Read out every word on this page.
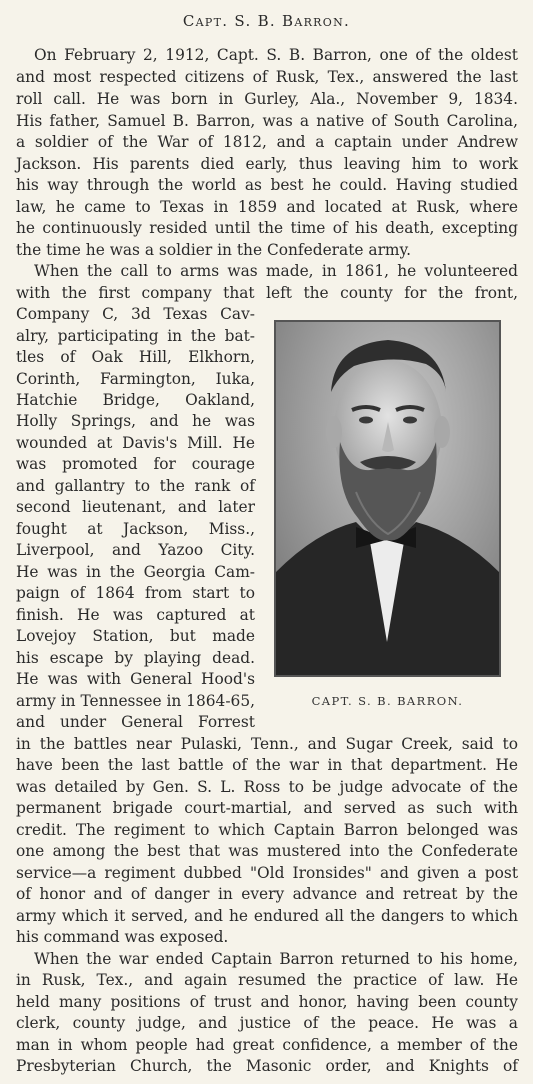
Capt. S. B. Barron.
On February 2, 1912, Capt. S. B. Barron, one of the oldest
and most respected citizens of Rusk, Tex., answered the last
roll call. He was born in Gurley, Ala., November 9, 1834.
His father, Samuel B. Barron, was a native of South Carolina,
a soldier of the War of 1812, and a captain under Andrew
Jackson. His parents died early, thus leaving him to work
his way through the world as best he could. Having studied
law, he came to Texas in 1859 and located at Rusk, where
he continuously resided until the time of his death, excepting
the time he was a soldier in the Confederate army.
When the call to arms was made, in 1861, he volunteered
with the first company that left the county for the front,
Company C, 3d Texas Cav-
alry, participating in the bat-
tles of Oak Hill, Elkhorn,
Corinth, Farmington, Iuka,
Hatchie Bridge, Oakland,
Holly Springs, and he was
wounded at Davis's Mill. He
was promoted for courage
and gallantry to the rank of
second lieutenant, and later
fought at Jackson, Miss.,
Liverpool, and Yazoo City.
He was in the Georgia Cam-
paign of 1864 from start to
finish. He was captured at
Lovejoy Station, but made
his escape by playing dead.
He was with General Hood's
army in Tennessee in 1864-65,
and under General Forrest
in the battles near Pulaski, Tenn., and Sugar Creek, said to
have been the last battle of the war in that department. He
was detailed by Gen. S. L. Ross to be judge advocate of the
permanent brigade court-martial, and served as such with
credit. The regiment to which Captain Barron belonged was
one among the best that was mustered into the Confederate
service—a regiment dubbed "Old Ironsides" and given a post
of honor and of danger in every advance and retreat by the
army which it served, and he endured all the dangers to which
his command was exposed.
When the war ended Captain Barron returned to his home,
in Rusk, Tex., and again resumed the practice of law. He
held many positions of trust and honor, having been county
clerk, county judge, and justice of the peace. He was a
man in whom people had great confidence, a member of the
Presbyterian Church, the Masonic order, and Knights of
CAPT. S. B. BARRON.
